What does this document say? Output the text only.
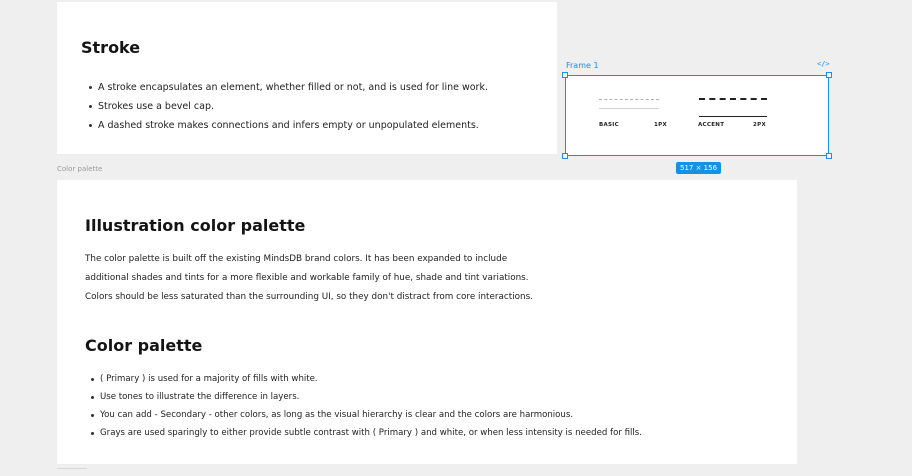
Stroke
A stroke encapsulates an element, whether filled or not, and is used for line work.
Strokes use a bevel cap.
A dashed stroke makes connections and infers empty or unpopulated elements.
Frame 1	</>
BASIC	1PX	ACCENT	2PX
517 × 156
Color palette
Illustration color palette
The color palette is built off the existing MindsDB brand colors. It has been expanded to include
additional shades and tints for a more flexible and workable family of hue, shade and tint variations.
Colors should be less saturated than the surrounding UI, so they don't distract from core interactions.
Color palette
( Primary ) is used for a majority of fills with white.
Use tones to illustrate the difference in layers.
You can add - Secondary - other colors, as long as the visual hierarchy is clear and the colors are harmonious.
Grays are used sparingly to either provide subtle contrast with ( Primary ) and white, or when less intensity is needed for fills.
